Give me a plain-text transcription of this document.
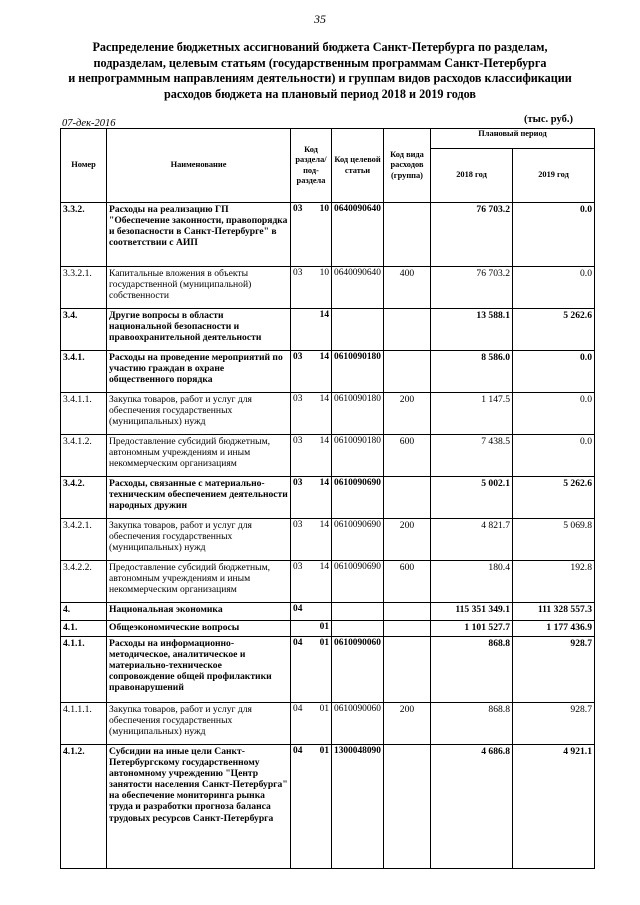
35
Распределение бюджетных ассигнований бюджета Санкт-Петербурга по разделам,
подразделам, целевым статьям (государственным программам Санкт-Петербурга
и непрограммным направлениям деятельности) и группам видов расходов классификации
расходов бюджета на плановый период 2018 и 2019 годов
07-дек-2016	(тыс. руб.)
Номер	Наименование	Код раздела/ под-раздела	Код целевой статьи	Код вида расходов (группа)	Плановый период	
					2018 год	2019 год
3.3.2.	Расходы на реализацию ГП "Обеспечение законности, правопорядка и безопасности в Санкт-Петербурге" в соответствии с АИП	03 10	0640090640		76 703.2	0.0
3.3.2.1.	Капитальные вложения в объекты государственной (муниципальной) собственности	03 10	0640090640	400	76 703.2	0.0
3.4.	Другие вопросы в области национальной безопасности и правоохранительной деятельности	14			13 588.1	5 262.6
3.4.1.	Расходы на проведение мероприятий по участию граждан в охране общественного порядка	03 14	0610090180		8 586.0	0.0
3.4.1.1.	Закупка товаров, работ и услуг для обеспечения государственных (муниципальных) нужд	03 14	0610090180	200	1 147.5	0.0
3.4.1.2.	Предоставление субсидий бюджетным, автономным учреждениям и иным некоммерческим организациям	03 14	0610090180	600	7 438.5	0.0
3.4.2.	Расходы, связанные с материально-техническим обеспечением деятельности народных дружин	03 14	0610090690		5 002.1	5 262.6
3.4.2.1.	Закупка товаров, работ и услуг для обеспечения государственных (муниципальных) нужд	03 14	0610090690	200	4 821.7	5 069.8
3.4.2.2.	Предоставление субсидий бюджетным, автономным учреждениям и иным некоммерческим организациям	03 14	0610090690	600	180.4	192.8
4.	Национальная экономика	04			115 351 349.1	111 328 557.3
4.1.	Общеэкономические вопросы	01			1 101 527.7	1 177 436.9
4.1.1.	Расходы на информационно-методическое, аналитическое и материально-техническое сопровождение общей профилактики правонарушений	04 01	0610090060		868.8	928.7
4.1.1.1.	Закупка товаров, работ и услуг для обеспечения государственных (муниципальных) нужд	04 01	0610090060	200	868.8	928.7
4.1.2.	Субсидии на иные цели Санкт-Петербургскому государственному автономному учреждению "Центр занятости населения Санкт-Петербурга" на обеспечение мониторинга рынка труда и разработки прогноза баланса трудовых ресурсов Санкт-Петербурга	04 01	1300048090		4 686.8	4 921.1
